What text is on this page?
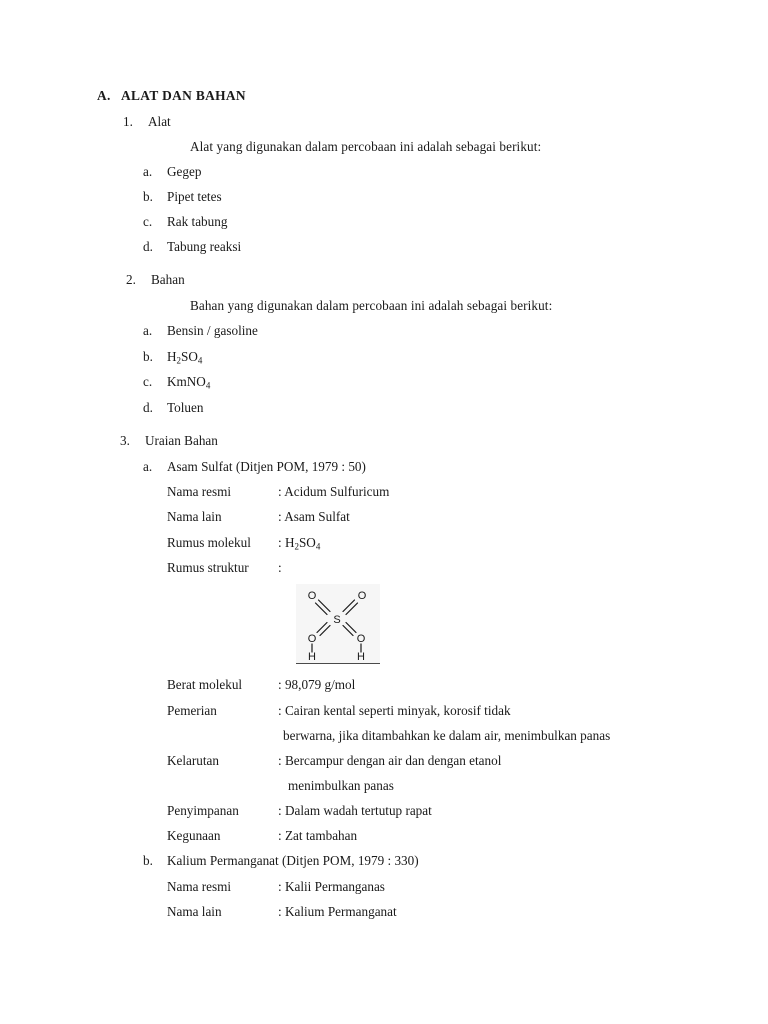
A. ALAT DAN BAHAN
1. Alat
Alat yang digunakan dalam percobaan ini adalah sebagai berikut:
a. Gegep
b. Pipet tetes
c. Rak tabung
d. Tabung reaksi
2. Bahan
Bahan yang digunakan dalam percobaan ini adalah sebagai berikut:
a. Bensin / gasoline
b. $H_2SO_4$
c. KmNO$_4$
d. Toluen
3. Uraian Bahan
a. Asam Sulfat (Ditjen POM, 1979 : 50)
Nama resmi	: Acidum Sulfuricum
Nama lain	: Asam Sulfat
Rumus molekul : $H_2SO_4$
Rumus struktur :
O	O
S
O	O
H	H
Berat molekul	: 98,079 g/mol
Pemerian	: Cairan kental seperti minyak, korosif tidak
berwarna, jika ditambahkan ke dalam air, menimbulkan panas
Kelarutan	: Bercampur dengan air dan dengan etanol
menimbulkan panas
Penyimpanan	: Dalam wadah tertutup rapat
Kegunaan	: Zat tambahan
b. Kalium Permanganat (Ditjen POM, 1979 : 330)
Nama resmi	: Kalii Permanganas
Nama lain	: Kalium Permanganat
